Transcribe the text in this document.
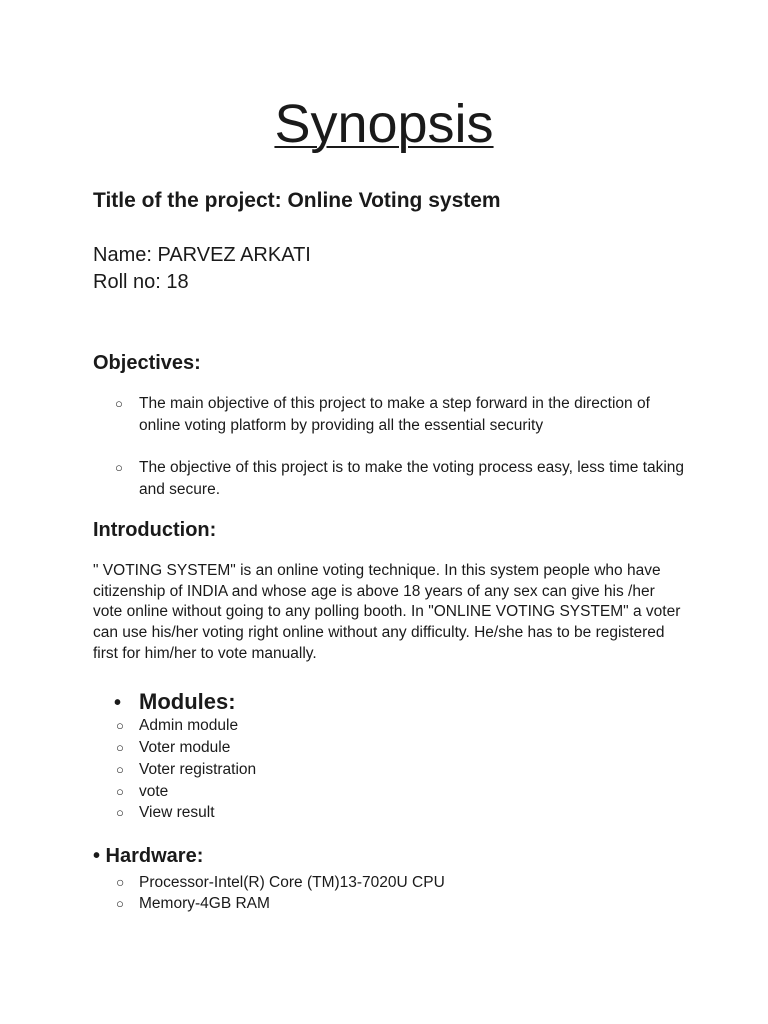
Synopsis
Title of the project: Online Voting system
Name: PARVEZ ARKATI
Roll no: 18
Objectives:
○ The main objective of this project to make a step forward in the direction of online voting platform by providing all the essential security
○ The objective of this project is to make the voting process easy, less time taking and secure.
Introduction:
" VOTING SYSTEM" is an online voting technique. In this system people who have citizenship of INDIA and whose age is above 18 years of any sex can give his /her vote online without going to any polling booth. In "ONLINE VOTING SYSTEM" a voter can use his/her voting right online without any difficulty. He/she has to be registered first for him/her to vote manually.
• Modules:
○ Admin module
○ Voter module
○ Voter registration
○ vote
○ View result
• Hardware:
○ Processor-Intel(R) Core (TM)13-7020U CPU
○ Memory-4GB RAM
